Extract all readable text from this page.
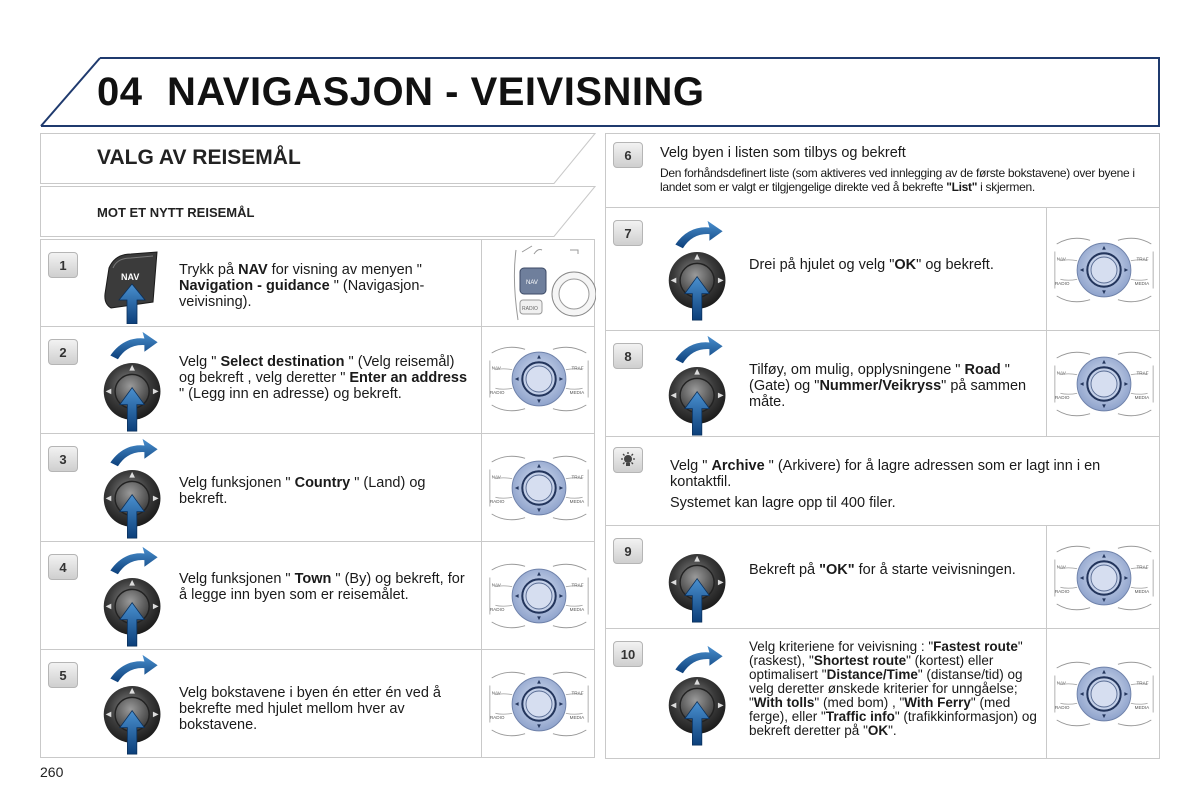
04 NAVIGASJON - VEIVISNING
VALG AV REISEMÅL
MOT ET NYTT REISEMÅL
1
NAV	Trykk på NAV for visning av menyen " Navigation - guidance " (Navigasjon-veivisning).
NAV
RADIO
2
Velg " Select destination " (Velg reisemål) og bekreft , velg deretter " Enter an address " (Legg inn en adresse) og bekreft.
NAV	TRAF
RADIO	MEDIA
3
Velg funksjonen " Country " (Land) og bekreft.
NAV	TRAF
RADIO	MEDIA
4
Velg funksjonen " Town " (By) og bekreft, for å legge inn byen som er reisemålet.
NAV	TRAF
RADIO	MEDIA
5
Velg bokstavene i byen én etter én ved å bekrefte med hjulet mellom hver av bokstavene.
NAV	TRAF
RADIO	MEDIA
6	Velg byen i listen som tilbys og bekreft
Den forhåndsdefinert liste (som aktiveres ved innlegging av de første bokstavene) over byene i landet som er valgt er tilgjengelige direkte ved å bekrefte "List" i skjermen.
7
Drei på hjulet og velg "OK" og bekreft.	NAV	TRAF
RADIO	MEDIA
8
Tilføy, om mulig, opplysningene " Road " (Gate) og "Nummer/Veikryss" på sammen måte.
NAV	TRAF
RADIO	MEDIA
Velg " Archive " (Arkivere) for å lagre adressen som er lagt inn i en kontaktfil.
Systemet kan lagre opp til 400 filer.
9
Bekreft på "OK" for å starte veivisningen.	NAV	TRAF
RADIO	MEDIA
10	Velg kriteriene for veivisning : "Fastest route" (raskest), "Shortest route" (kortest) eller optimalisert "Distance/Time" (distanse/tid) og velg deretter ønskede kriterier for unngåelse; "With tolls" (med bom) , "With Ferry" (med ferge), eller "Traffic info" (trafikkinformasjon) og bekreft deretter på "OK".
NAV	TRAF
RADIO	MEDIA
260
